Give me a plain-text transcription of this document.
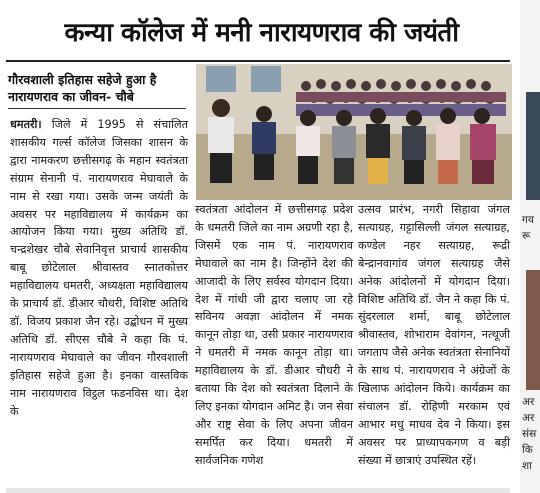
कन्या कॉलेज में मनी नारायणराव की जयंती
गौरवशाली इतिहास सहेजे हुआ है नारायणराव का जीवन- चौबे

धमतरी। जिले में 1995 से संचालित शासकीय गर्ल्स कॉलेज जिसका शासन के द्वारा नामकरण छत्तीसगढ़ के महान स्वतंत्रता संग्राम सेनानी पं. नारायणराव मेघावाले के नाम से रखा गया। उसके जन्म जयंती के अवसर पर महाविद्यालय में कार्यक्रम का आयोजन किया गया। मुख्य अतिथि डॉ. चन्द्रशेखर चौबे सेवानिवृत्त प्राचार्य शासकीय बाबू छोटेलाल श्रीवास्तव स्नातकोत्तर महाविद्यालय धमतरी, अध्यक्षता महाविद्यालय के प्राचार्य डॉ. डीआर चौधरी, विशिष्ट अतिथि डॉ. विजय प्रकाश जैन रहे। उद्बोधन में मुख्य अतिथि डॉ. सीएस चौबे ने कहा कि पं. नारायणराव मेघावाले का जीवन गौरवशाली इतिहास सहेजे हुआ है। इनका वास्तविक नाम नारायणराव विट्ठल फडनविस था। देश के

स्वतंत्रता आंदोलन में छत्तीसगढ़ प्रदेश के धमतरी जिले का नाम अग्रणी रहा है, जिसमें एक नाम पं. नारायणराव मेघावाले का नाम है। जिन्होंने देश की आजादी के लिए सर्वस्व योगदान दिया। देश में गांधी जी द्वारा चलाए जा रहे सविनय अवज्ञा आंदोलन में नमक कानून तोड़ा था, उसी प्रकार नारायणराव ने धमतरी में नमक कानून तोड़ा था। महाविद्यालय के डॉ. डीआर चौधरी ने बताया कि देश को स्वतंत्रता दिलाने के लिए इनका योगदान अमिट है। जन सेवा और राष्ट्र सेवा के लिए अपना जीवन समर्पित कर दिया। धमतरी में सार्वजनिक गणेश

उत्सव प्रारंभ, नगरी सिहावा जंगल सत्याग्रह, गट्टासिल्ली जंगल सत्याग्रह, कण्डेल नहर सत्याग्रह, रूद्री बेन्द्रानवागांव जंगल सत्याग्रह जैसे अनेक आंदोलनों में योगदान दिया। विशिष्ट अतिथि डॉ. जैन ने कहा कि पं. सुंदरलाल शर्मा, बाबू छोटेलाल श्रीवास्तव, शोभाराम देवांगन, नत्थूजी जगताप जैसे अनेक स्वतंत्रता सेनानियों के साथ पं. नारायणराव ने अंग्रेजों के खिलाफ आंदोलन किये। कार्यक्रम का संचालन डॉ. रोहिणी मरकाम एवं आभार मधु माधव देव ने किया। इस अवसर पर प्राध्यापकगण व बड़ी संख्या में छात्राएं उपस्थित रहें।

गय
रू
अर
अर
संस
कि
शा
